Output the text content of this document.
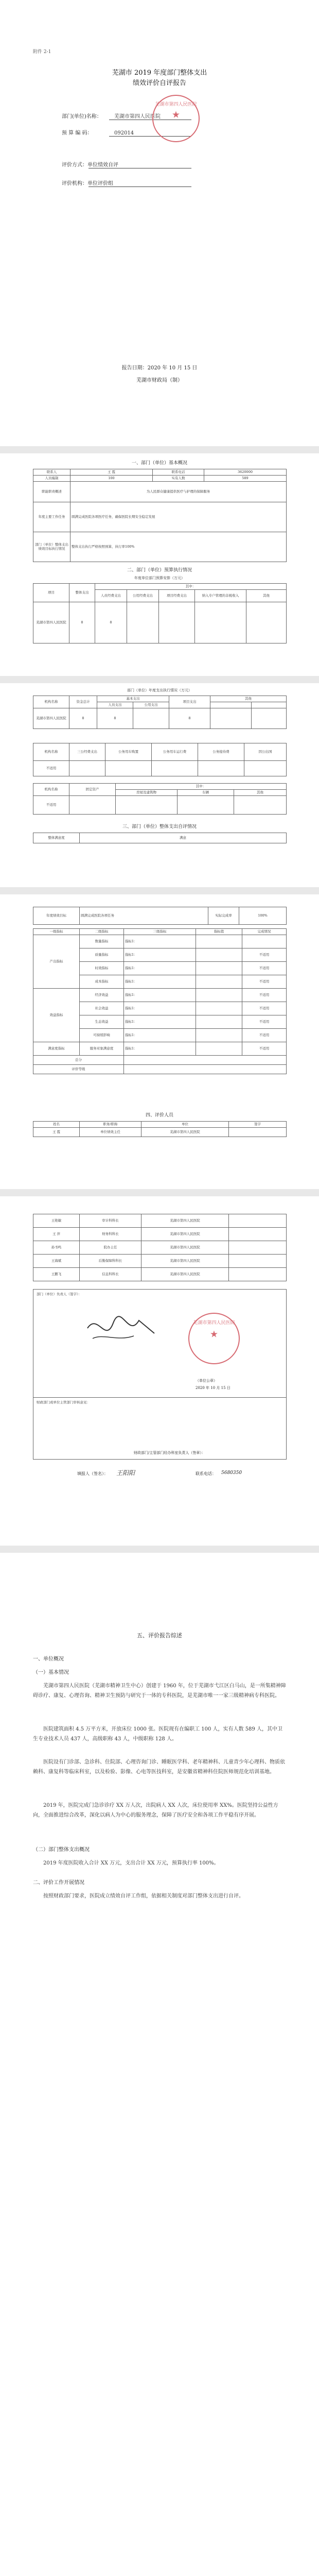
附件 2-1
芜湖市 2019 年度部门整体支出
绩效评价自评报告
部门(单位)名称： 芜湖市第四人民医院
预 算 编 码：	092014
评价方式：单位绩效自评
评价机构：单位评价组
芜湖市第四人民医院
★
报告日期：2020 年 10 月 15 日
芜湖市财政局（制）
一、部门（单位）基本概况
联系人	王 霞	联系电话	3620000
人员编制	100	实有人数	589
职能职责概述	为人民群众健康提供医疗与护理的保障服务		
年度主要工作任务	圆满完成医院各项医疗任务，确保医院长期安全稳定发展		
部门（单位）整体支出绩效目标执行情况	整体支出执行严格按照预算，执行率100%		
二、部门（单位）预算执行情况
年度单位部门预算安排（万元）
项目	整体支出	其中：				
		人员经费支出	公用经费支出	项目经费支出	纳入专户管理的非税收入	其他
芜湖市第四人民医院	8	8				
部门（单位）年度支出执行情况（万元）
机构名称	资金总计	基本支出		项目支出	其他	
		人员支出	公用支出			
芜湖市第四人民医院	8	8		8		
机构名称	三公经费支出	公务用车购置	公务用车运行费	公务接待费	因公出国
不适用					
机构名称	固定资产	其中：		
		房屋及建筑物	车辆	其他
不适用				
三、部门（单位）整体支出自评情况
整体满意度	满意
年度绩效目标	圆满完成医院各项任务	实际完成率	100%
一级指标	二级指标	三级指标	指标值	完成情况
产出指标	数量指标	指标1：		
	质量指标	指标1：		不适用
	时效指标	指标1：		不适用
	成本指标	指标1：		不适用
效益指标	经济效益	指标1：		不适用
	社会效益	指标1：		不适用
	生态效益	指标1：		不适用
	可持续影响	指标1：		不适用
满意度指标	服务对象满意度	指标1：		不适用
总分				
评价等级				
四、评价人员
姓名	职务/职称	单位	签字
王 霞	单位绩效主任	芜湖市第四人民医院	
王艳敏	审计科科长	芜湖市第四人民医院	
王 萍	财务科科长	芜湖市第四人民医院	
孙书鸣	院办主任	芜湖市第四人民医院	
王海斌	后勤保障科科长	芜湖市第四人民医院	
王鹏飞	信息科科长	芜湖市第四人民医院	
部门（单位）负责人（签字）：
财政部门或单位主管部门审核意见：
芜湖市第四人民医院
★
（单位公章）
2020 年 10 月 15 日
财政部门/主管部门经办科室负责人（签章）：
填报人（签名）： 王阳阳	联系电话： 5680350
五、评价报告综述
一、单位概况
（一）基本情况
芜湖市第四人民医院（芜湖市精神卫生中心）创建于 1960 年，位于芜湖市弋江区白马山，是一所集精神障碍诊疗、康复、心理咨询、精神卫生预防与研究于一体的专科医院，是芜湖市唯一一家三级精神病专科医院。
医院建筑面积 4.5 万平方米，开放床位 1000 张。医院现有在编职工 100 人，实有人数 589 人，其中卫生专业技术人员 437 人，高级职称 43 人，中级职称 128 人。
医院设有门诊部、急诊科、住院部、心理咨询门诊、睡眠医学科、老年精神科、儿童青少年心理科、物质依赖科、康复科等临床科室，以及检验、影像、心电等医技科室，是安徽省精神科住院医师规范化培训基地。
2019 年，医院完成门急诊诊疗 XX 万人次，出院病人 XX 人次，床位使用率 XX%。医院坚持公益性方向，全面推进综合改革，深化以病人为中心的服务理念，保障了医疗安全和各项工作平稳有序开展。
（二）部门整体支出概况
2019 年度医院收入合计 XX 万元，支出合计 XX 万元，预算执行率 100%。
二、评价工作开展情况
按照财政部门要求，医院成立绩效自评工作组，依据相关制度对部门整体支出进行自评。
